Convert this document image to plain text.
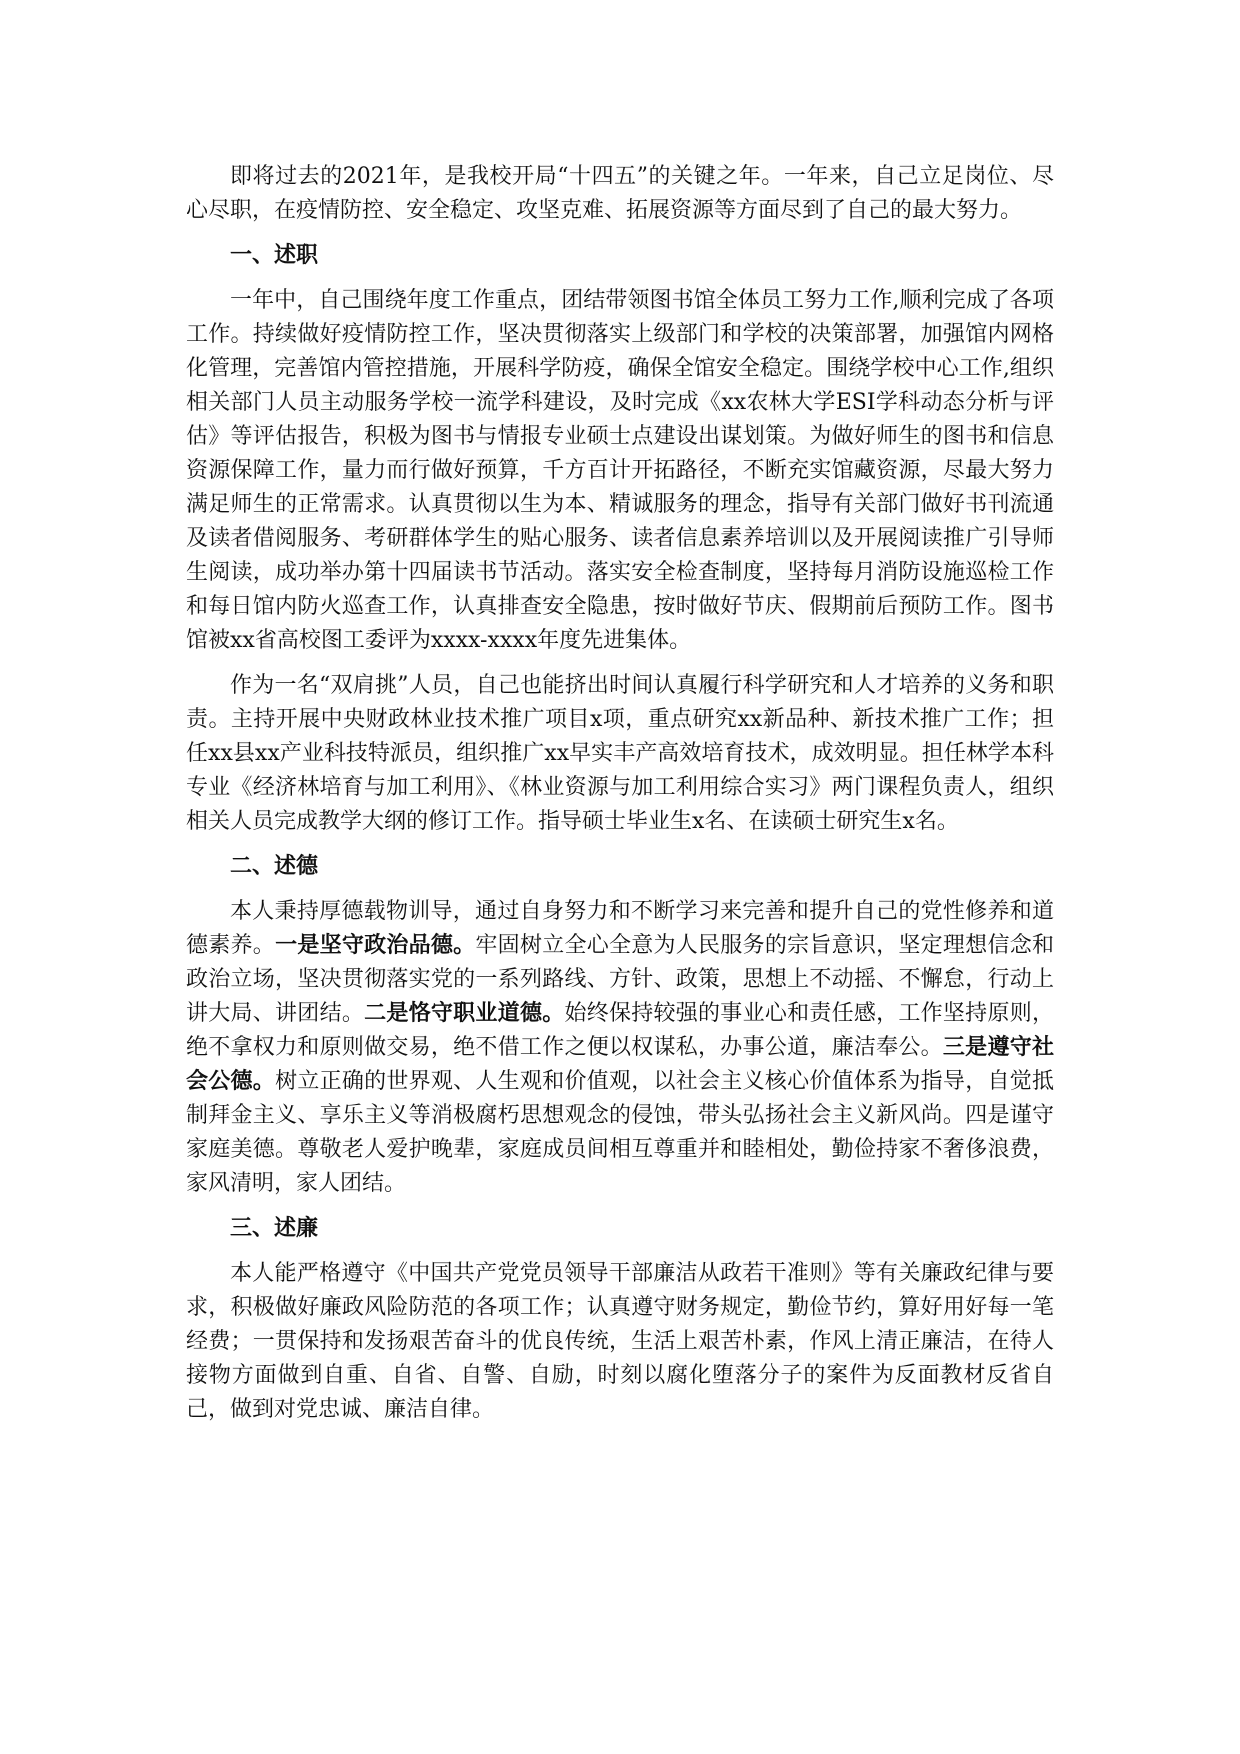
即将过去的2021年，是我校开局“十四五”的关键之年。一年来，自己立足岗位、尽心尽职，在疫情防控、安全稳定、攻坚克难、拓展资源等方面尽到了自己的最大努力。

一、述职

一年中，自己围绕年度工作重点，团结带领图书馆全体员工努力工作,顺利完成了各项工作。持续做好疫情防控工作，坚决贯彻落实上级部门和学校的决策部署，加强馆内网格化管理，完善馆内管控措施，开展科学防疫，确保全馆安全稳定。围绕学校中心工作,组织相关部门人员主动服务学校一流学科建设，及时完成《xx农林大学ESI学科动态分析与评估》等评估报告，积极为图书与情报专业硕士点建设出谋划策。为做好师生的图书和信息资源保障工作，量力而行做好预算，千方百计开拓路径，不断充实馆藏资源，尽最大努力满足师生的正常需求。认真贯彻以生为本、精诚服务的理念，指导有关部门做好书刊流通及读者借阅服务、考研群体学生的贴心服务、读者信息素养培训以及开展阅读推广引导师生阅读，成功举办第十四届读书节活动。落实安全检查制度，坚持每月消防设施巡检工作和每日馆内防火巡查工作，认真排查安全隐患，按时做好节庆、假期前后预防工作。图书馆被xx省高校图工委评为xxxx-xxxx年度先进集体。

作为一名“双肩挑”人员，自己也能挤出时间认真履行科学研究和人才培养的义务和职责。主持开展中央财政林业技术推广项目x项，重点研究xx新品种、新技术推广工作；担任xx县xx产业科技特派员，组织推广xx早实丰产高效培育技术，成效明显。担任林学本科专业《经济林培育与加工利用》、《林业资源与加工利用综合实习》两门课程负责人，组织相关人员完成教学大纲的修订工作。指导硕士毕业生x名、在读硕士研究生x名。

二、述德

本人秉持厚德载物训导，通过自身努力和不断学习来完善和提升自己的党性修养和道德素养。一是坚守政治品德。牢固树立全心全意为人民服务的宗旨意识，坚定理想信念和政治立场，坚决贯彻落实党的一系列路线、方针、政策，思想上不动摇、不懈怠，行动上讲大局、讲团结。二是恪守职业道德。始终保持较强的事业心和责任感，工作坚持原则，绝不拿权力和原则做交易，绝不借工作之便以权谋私，办事公道，廉洁奉公。三是遵守社会公德。树立正确的世界观、人生观和价值观，以社会主义核心价值体系为指导，自觉抵制拜金主义、享乐主义等消极腐朽思想观念的侵蚀，带头弘扬社会主义新风尚。四是谨守家庭美德。尊敬老人爱护晚辈，家庭成员间相互尊重并和睦相处，勤俭持家不奢侈浪费，家风清明，家人团结。

三、述廉

本人能严格遵守《中国共产党党员领导干部廉洁从政若干准则》等有关廉政纪律与要求，积极做好廉政风险防范的各项工作；认真遵守财务规定，勤俭节约，算好用好每一笔经费；一贯保持和发扬艰苦奋斗的优良传统，生活上艰苦朴素，作风上清正廉洁，在待人接物方面做到自重、自省、自警、自励，时刻以腐化堕落分子的案件为反面教材反省自己，做到对党忠诚、廉洁自律。
